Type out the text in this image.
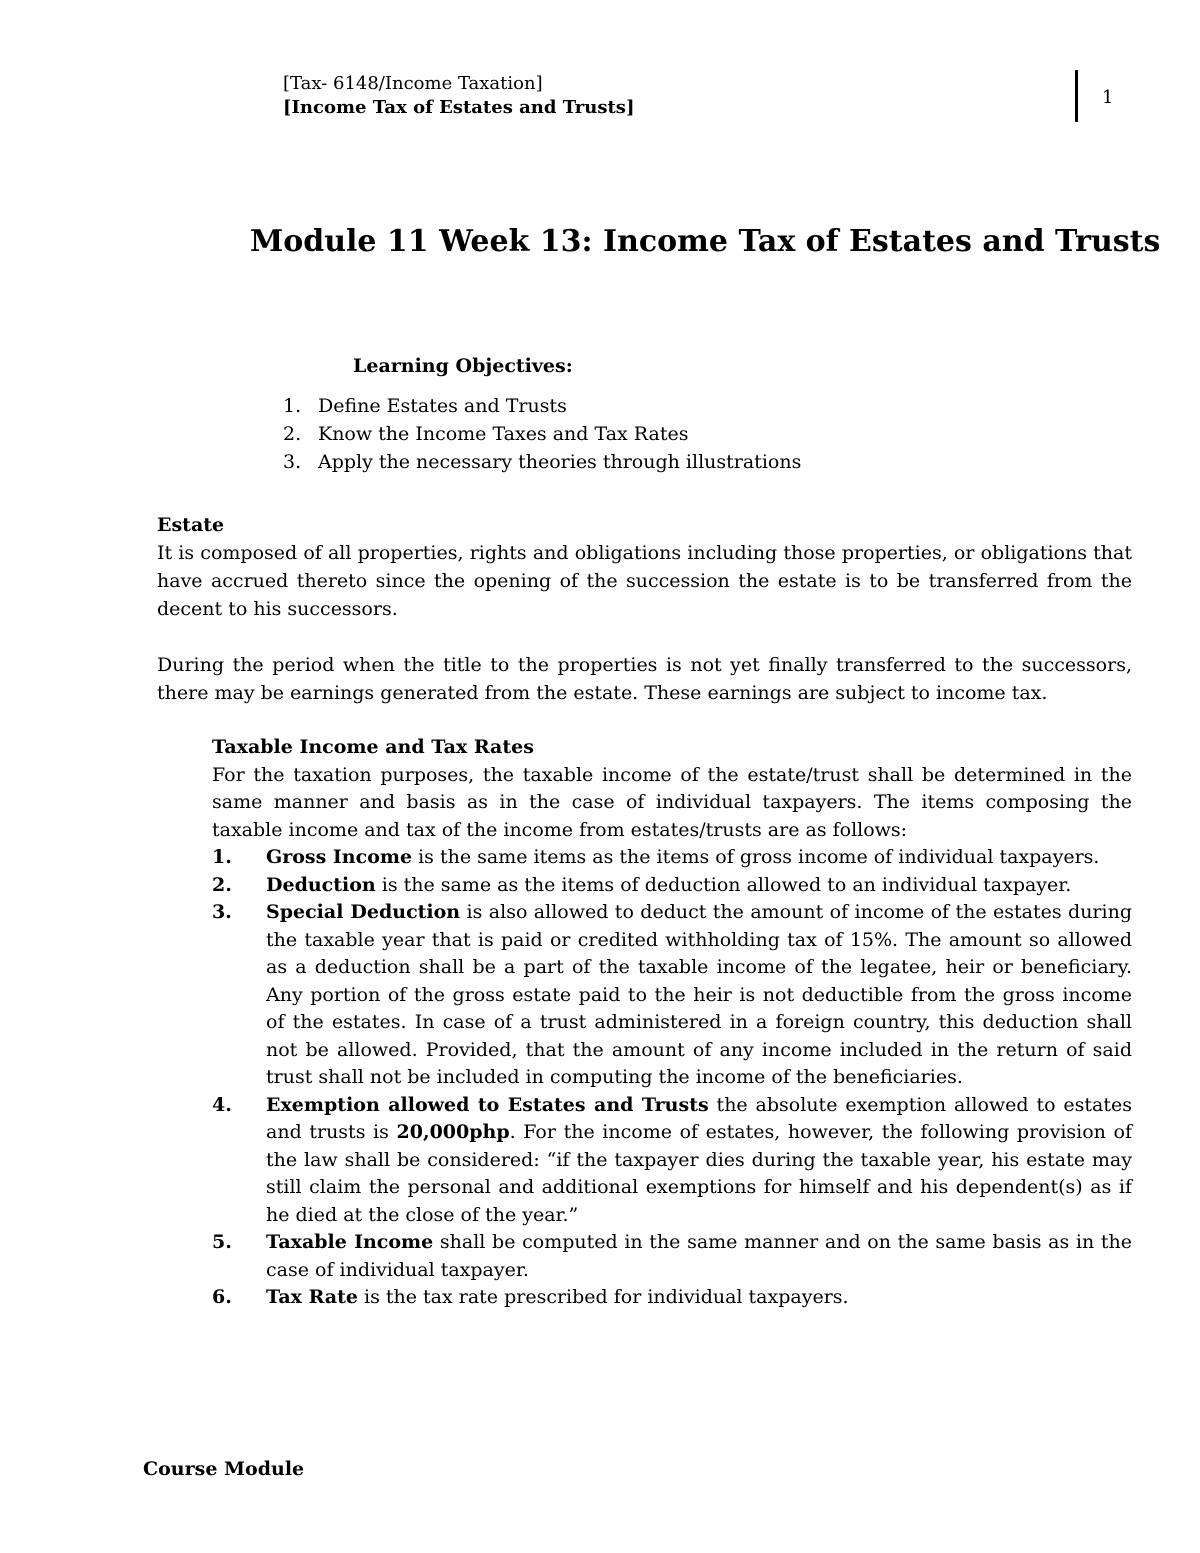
[Tax- 6148/Income Taxation]
[Income Tax of Estates and Trusts]	1
Module 11 Week 13: Income Tax of Estates and Trusts
Learning Objectives:
1. Define Estates and Trusts
2. Know the Income Taxes and Tax Rates
3. Apply the necessary theories through illustrations

Estate

It is composed of all properties, rights and obligations including those properties, or obligations that have accrued thereto since the opening of the succession the estate is to be transferred from the decent to his successors.

During the period when the title to the properties is not yet finally transferred to the successors, there may be earnings generated from the estate. These earnings are subject to income tax.

Taxable Income and Tax Rates

For the taxation purposes, the taxable income of the estate/trust shall be determined in the same manner and basis as in the case of individual taxpayers. The items composing the taxable income and tax of the income from estates/trusts are as follows:

1.	Gross Income is the same items as the items of gross income of individual taxpayers.
2.	Deduction is the same as the items of deduction allowed to an individual taxpayer.
3.	Special Deduction is also allowed to deduct the amount of income of the estates during the taxable year that is paid or credited withholding tax of 15%. The amount so allowed as a deduction shall be a part of the taxable income of the legatee, heir or beneficiary. Any portion of the gross estate paid to the heir is not deductible from the gross income of the estates. In case of a trust administered in a foreign country, this deduction shall not be allowed. Provided, that the amount of any income included in the return of said trust shall not be included in computing the income of the beneficiaries.
4.	Exemption allowed to Estates and Trusts the absolute exemption allowed to estates and trusts is 20,000php. For the income of estates, however, the following provision of the law shall be considered: “if the taxpayer dies during the taxable year, his estate may still claim the personal and additional exemptions for himself and his dependent(s) as if he died at the close of the year.”
5.	Taxable Income shall be computed in the same manner and on the same basis as in the case of individual taxpayer.
6.	Tax Rate is the tax rate prescribed for individual taxpayers.
Course Module
